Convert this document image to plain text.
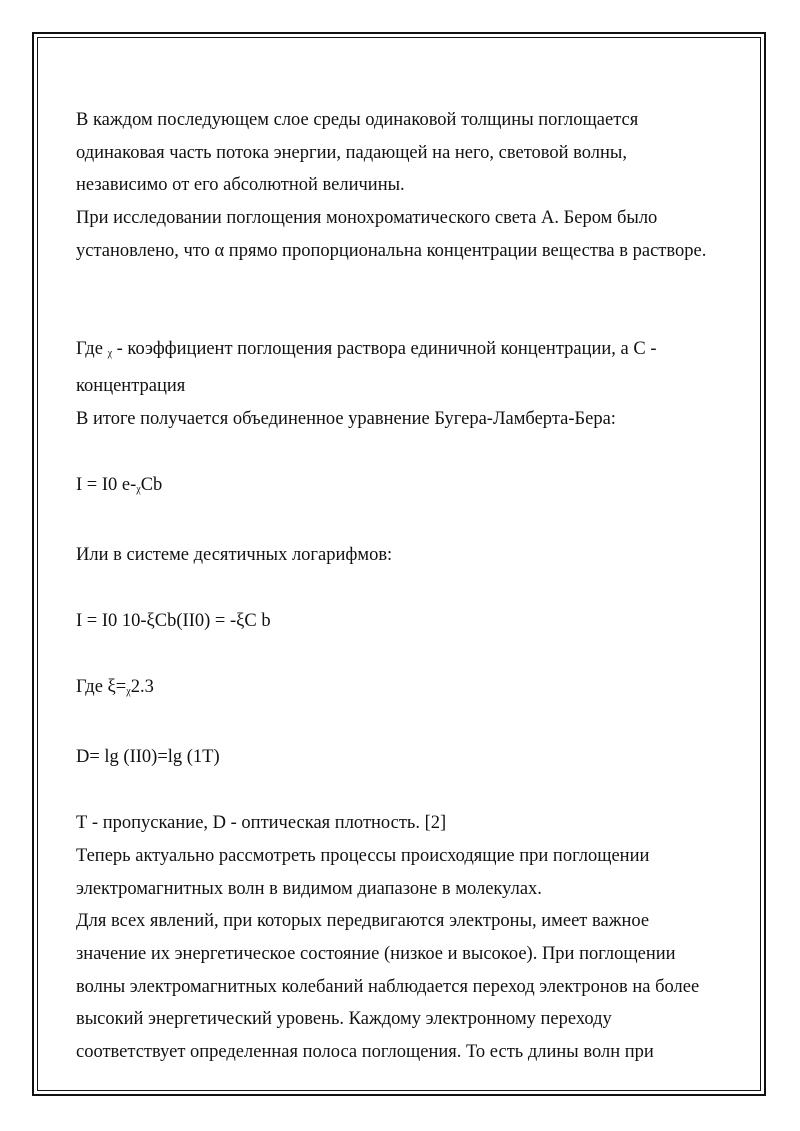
В каждом последующем слое среды одинаковой толщины поглощается

одинаковая часть потока энергии, падающей на него, световой волны,

независимо от его абсолютной величины.

При исследовании поглощения монохроматического света А. Бером было

установлено, что α прямо пропорциональна концентрации вещества в растворе.

Где $_\chi$ - коэффициент поглощения раствора единичной концентрации, а С -

концентрация

В итоге получается объединенное уравнение Бугера-Ламберта-Бера:

I = I0 $e-_\chi Cb$

Или в системе десятичных логарифмов:

I = I0 10-ξCb(II0) = -ξC b

Где $\xi=_\chi 2.3$

D= lg (II0)=lg (1T)

Т - пропускание, D - оптическая плотность. [2]

Теперь актуально рассмотреть процессы происходящие при поглощении

электромагнитных волн в видимом диапазоне в молекулах.

Для всех явлений, при которых передвигаются электроны, имеет важное

значение их энергетическое состояние (низкое и высокое). При поглощении

волны электромагнитных колебаний наблюдается переход электронов на более

высокий энергетический уровень. Каждому электронному переходу

соответствует определенная полоса поглощения. То есть длины волн при
